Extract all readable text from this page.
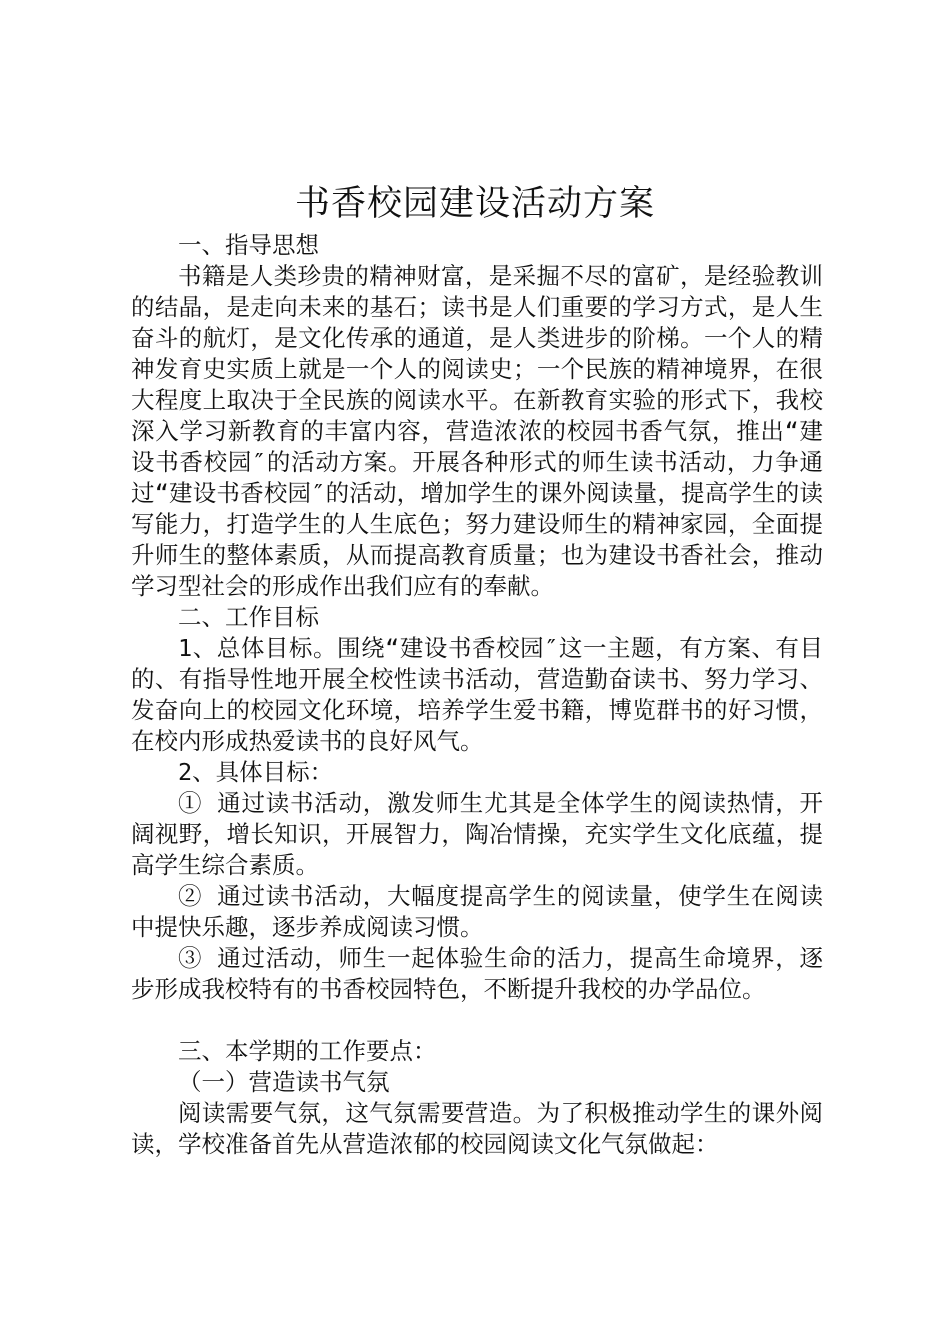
书香校园建设活动方案

一、指导思想

书籍是人类珍贵的精神财富，是采掘不尽的富矿，是经验教训的结晶，是走向未来的基石；读书是人们重要的学习方式，是人生奋斗的航灯，是文化传承的通道，是人类进步的阶梯。一个人的精神发育史实质上就是一个人的阅读史；一个民族的精神境界，在很大程度上取决于全民族的阅读水平。在新教育实验的形式下，我校深入学习新教育的丰富内容，营造浓浓的校园书香气氛，推出“建设书香校园″的活动方案。开展各种形式的师生读书活动，力争通过“建设书香校园″的活动，增加学生的课外阅读量，提高学生的读写能力，打造学生的人生底色；努力建设师生的精神家园，全面提升师生的整体素质，从而提高教育质量；也为建设书香社会，推动学习型社会的形成作出我们应有的奉献。

二、工作目标

1、总体目标。围绕“建设书香校园″这一主题，有方案、有目的、有指导性地开展全校性读书活动，营造勤奋读书、努力学习、发奋向上的校园文化环境，培养学生爱书籍，博览群书的好习惯，在校内形成热爱读书的良好风气。

2、具体目标：

① 通过读书活动，激发师生尤其是全体学生的阅读热情，开阔视野，增长知识，开展智力，陶冶情操，充实学生文化底蕴，提高学生综合素质。

② 通过读书活动，大幅度提高学生的阅读量，使学生在阅读中提快乐趣，逐步养成阅读习惯。

③ 通过活动，师生一起体验生命的活力，提高生命境界，逐步形成我校特有的书香校园特色，不断提升我校的办学品位。

三、本学期的工作要点：

（一）营造读书气氛

阅读需要气氛，这气氛需要营造。为了积极推动学生的课外阅读，学校准备首先从营造浓郁的校园阅读文化气氛做起：
